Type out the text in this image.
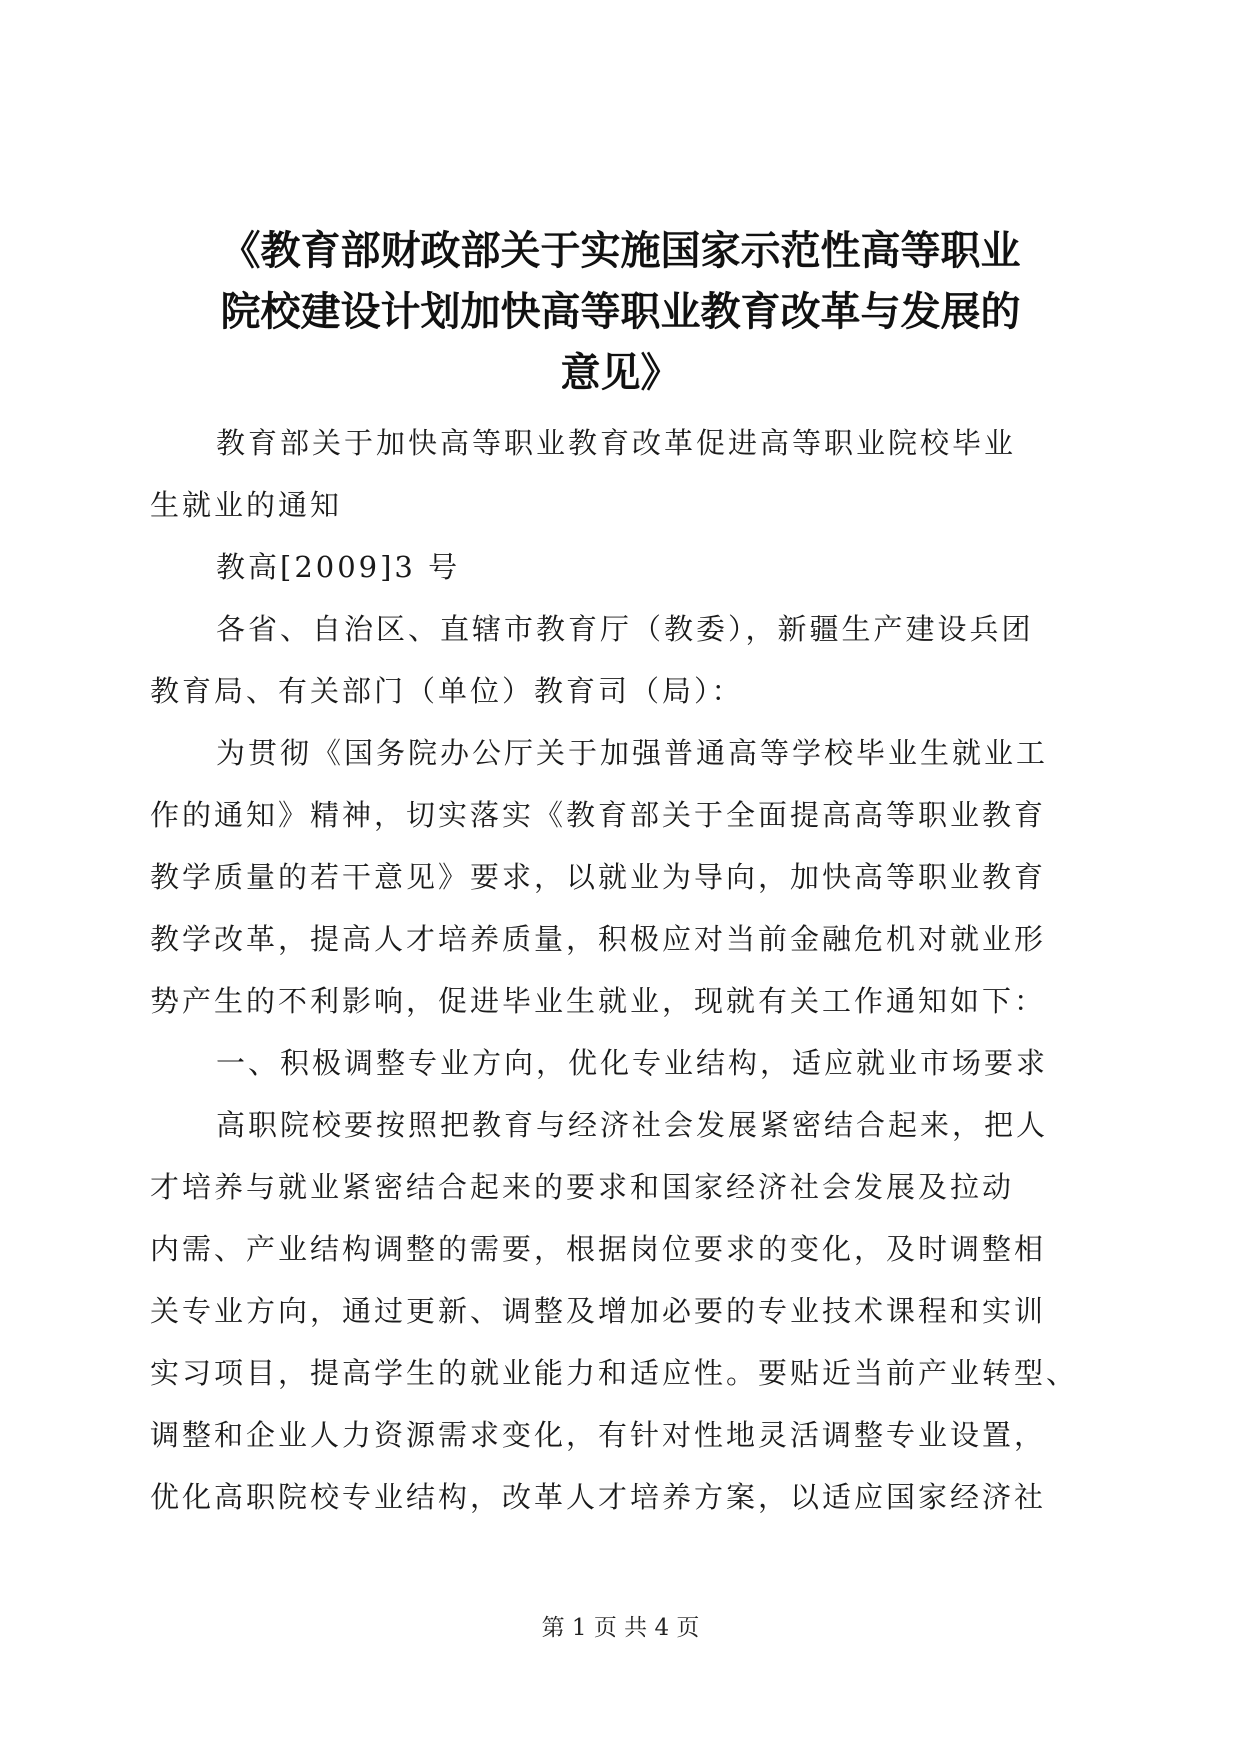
《教育部财政部关于实施国家示范性高等职业
院校建设计划加快高等职业教育改革与发展的
意见》
教育部关于加快高等职业教育改革促进高等职业院校毕业
生就业的通知
教高[2009]3 号
各省、自治区、直辖市教育厅（教委），新疆生产建设兵团
教育局、有关部门（单位）教育司（局）：
为贯彻《国务院办公厅关于加强普通高等学校毕业生就业工
作的通知》精神，切实落实《教育部关于全面提高高等职业教育
教学质量的若干意见》要求，以就业为导向，加快高等职业教育
教学改革，提高人才培养质量，积极应对当前金融危机对就业形
势产生的不利影响，促进毕业生就业，现就有关工作通知如下：
一、积极调整专业方向，优化专业结构，适应就业市场要求
高职院校要按照把教育与经济社会发展紧密结合起来，把人
才培养与就业紧密结合起来的要求和国家经济社会发展及拉动
内需、产业结构调整的需要，根据岗位要求的变化，及时调整相
关专业方向，通过更新、调整及增加必要的专业技术课程和实训
实习项目，提高学生的就业能力和适应性。要贴近当前产业转型、
调整和企业人力资源需求变化，有针对性地灵活调整专业设置，
优化高职院校专业结构，改革人才培养方案，以适应国家经济社
第 1 页 共 4 页
